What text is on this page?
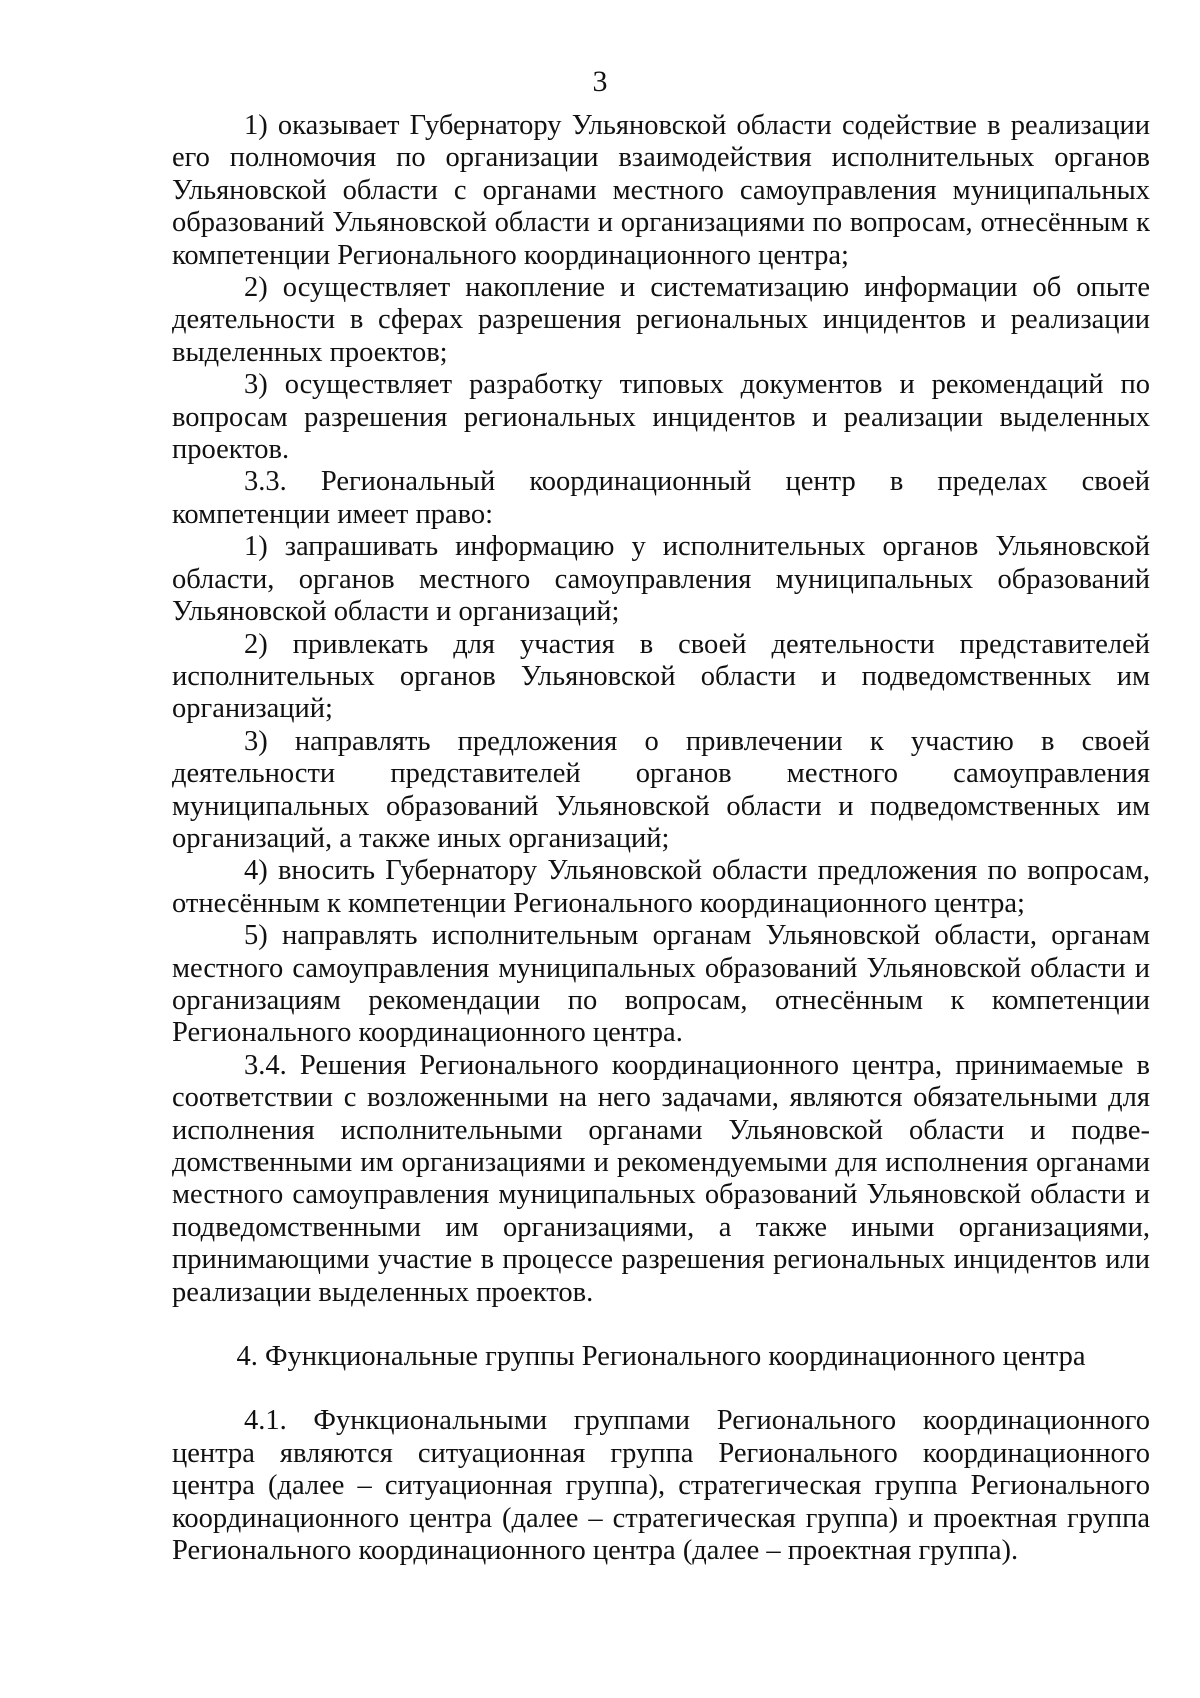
3

1) оказывает Губернатору Ульяновской области содействие в реализации его полномочия по организации взаимодействия исполнительных органов Ульяновской области с органами местного самоуправления муниципальных образований Ульяновской области и организациями по вопросам, отнесённым к компетенции Регионального координационного центра;

2) осуществляет накопление и систематизацию информации об опыте деятельности в сферах разрешения региональных инцидентов и реализации выделенных проектов;

3) осуществляет разработку типовых документов и рекомендаций по вопросам разрешения региональных инцидентов и реализации выделенных проектов.

3.3. Региональный координационный центр в пределах своей компетенции имеет право:

1) запрашивать информацию у исполнительных органов Ульяновской области, органов местного самоуправления муниципальных образований Ульяновской области и организаций;

2) привлекать для участия в своей деятельности представителей исполнительных органов Ульяновской области и подведомственных им организаций;

3) направлять предложения о привлечении к участию в своей деятельности представителей органов местного самоуправления муниципальных образований Ульяновской области и подведомственных им организаций, а также иных организаций;

4) вносить Губернатору Ульяновской области предложения по вопросам, отнесённым к компетенции Регионального координационного центра;

5) направлять исполнительным органам Ульяновской области, органам местного самоуправления муниципальных образований Ульяновской области и организациям рекомендации по вопросам, отнесённым к компетенции Регионального координационного центра.

3.4. Решения Регионального координационного центра, принимаемые в соответствии с возложенными на него задачами, являются обязательными для исполнения исполнительными органами Ульяновской области и подведомственными им организациями и рекомендуемыми для исполнения органами местного самоуправления муниципальных образований Ульяновской области и подведомственными им организациями, а также иными организациями, принимающими участие в процессе разрешения региональных инцидентов или реализации выделенных проектов.

4. Функциональные группы Регионального координационного центра

4.1. Функциональными группами Регионального координационного центра являются ситуационная группа Регионального координационного центра (далее – ситуационная группа), стратегическая группа Регионального координационного центра (далее – стратегическая группа) и проектная группа Регионального координационного центра (далее – проектная группа).
